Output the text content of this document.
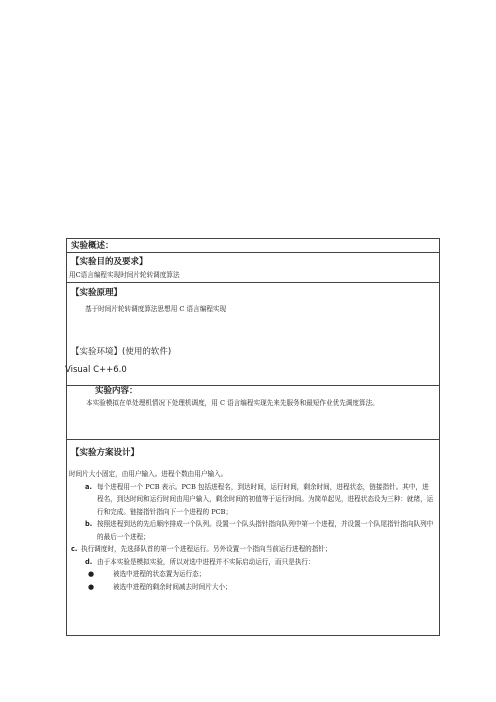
实验概述：
【实验目的及要求】
用C语言编程实现时间片轮转调度算法
【实验原理】
基于时间片轮转调度算法思想用 C 语言编程实现
【实验环境】(使用的软件)
Visual C++6.0
实验内容：
本实验模拟在单处理机情况下处理机调度，用 C 语言编程实现先来先服务和最短作业优先调度算法。
【实验方案设计】
时间片大小固定，由用户输入。进程个数由用户输入。
a. 每个进程用一个 PCB 表示。PCB 包括进程名，到达时间，运行时间，剩余时间，进程状态，链接指针。其中，进程名，到达时间和运行时间由用户输入，剩余时间的初值等于运行时间。为简单起见，进程状态设为三种：就绪，运行和完成。链接指针指向下一个进程的 PCB；
b. 按照进程到达的先后顺序排成一个队列。设置一个队头指针指向队列中第一个进程，并设置一个队尾指针指向队列中的最后一个进程；
c. 执行调度时，先选择队首的第一个进程运行。另外设置一个指向当前运行进程的指针；
d. 由于本实验是模拟实验，所以对选中进程并不实际启动运行，而只是执行：
●	被选中进程的状态置为运行态；
●	被选中进程的剩余时间减去时间片大小；
